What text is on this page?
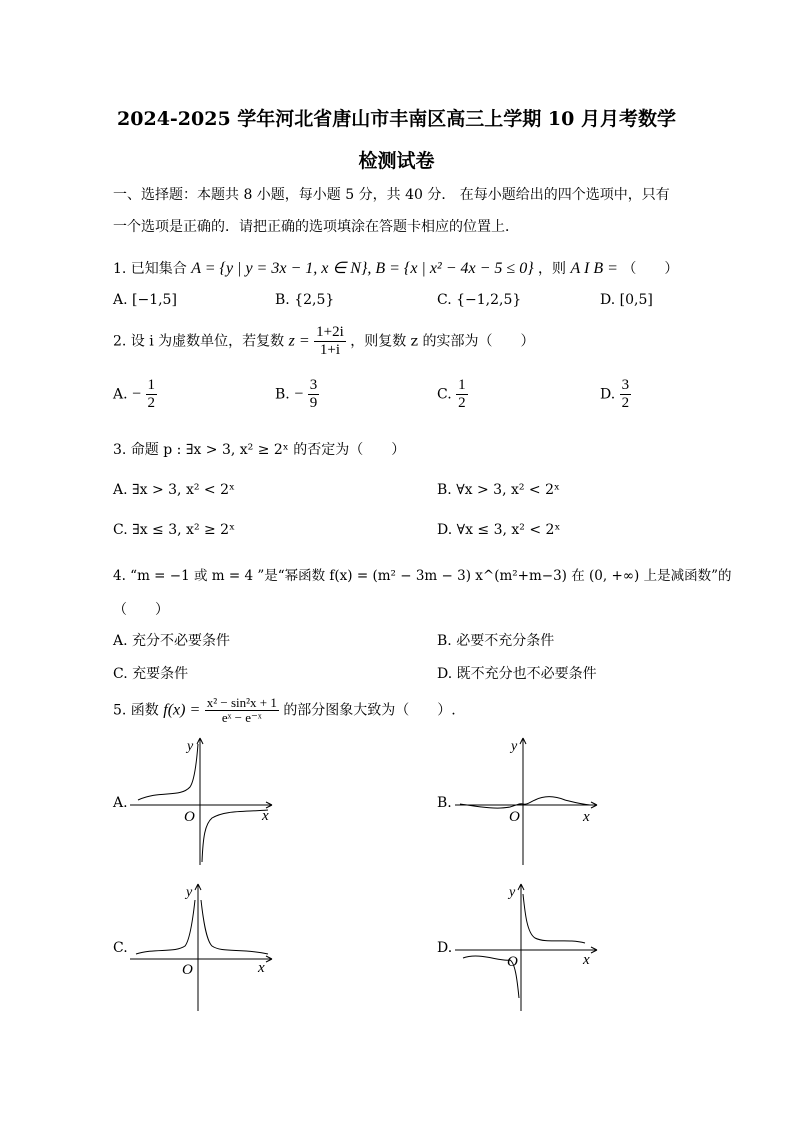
2024-2025 学年河北省唐山市丰南区高三上学期 10 月月考数学
检测试卷
一、选择题：本题共 8 小题，每小题 5 分，共 40 分． 在每小题给出的四个选项中，只有
一个选项是正确的．请把正确的选项填涂在答题卡相应的位置上．
1. 已知集合 A = {y | y = 3x − 1, x ∈ N}, B = {x | x² − 4x − 5 ≤ 0} ，则 A I B = （　　）
A. [−1,5]	B. {2,5}	C. {−1,2,5}	D. [0,5]
2. 设 i 为虚数单位，若复数 $z = \frac{1+2i}{1+i}$ ，则复数 z 的实部为（　　）
A. − $\frac{1}{2}$	B. − $\frac{3}{9}$	C. $\frac{1}{2}$	D. $\frac{3}{2}$
3. 命题 p : ∃x > 3, x² ≥ 2ˣ 的否定为（　　）
A. ∃x > 3, x² < 2ˣ	B. ∀x > 3, x² < 2ˣ
C. ∃x ≤ 3, x² ≥ 2ˣ	D. ∀x ≤ 3, x² < 2ˣ
4. “m = −1 或 m = 4 ”是“幂函数 f(x) = (m² − 3m − 3) x^(m²+m−3) 在 (0, +∞) 上是减函数”的
（　　）
A. 充分不必要条件	B. 必要不充分条件
C. 充要条件	D. 既不充分也不必要条件
5. 函数 $f(x) = \frac{\text{x² − sin²x + 1}}{\text{eˣ − e⁻ˣ}}$ 的部分图象大致为（　　）.
A.
y
x
O
B.
y
x
O
C.
y
x
O
D.
y
x
O
